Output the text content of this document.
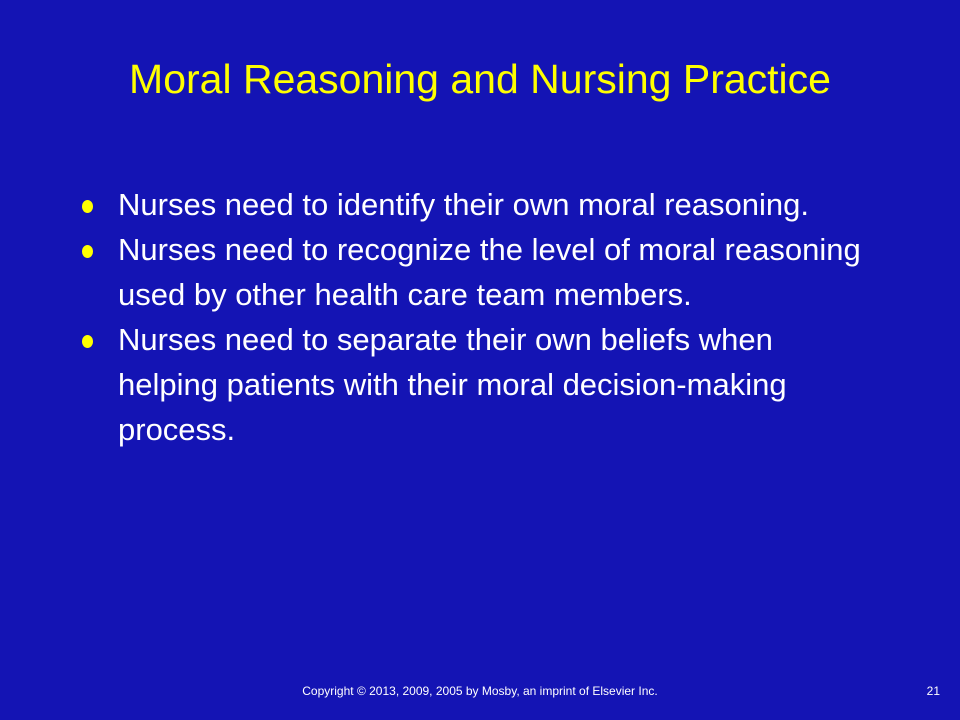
Moral Reasoning and Nursing Practice
Nurses need to identify their own moral reasoning.
Nurses need to recognize the level of moral reasoning used by other health care team members.
Nurses need to separate their own beliefs when helping patients with their moral decision-making process.
Copyright © 2013, 2009, 2005 by Mosby, an imprint of Elsevier Inc.	21
